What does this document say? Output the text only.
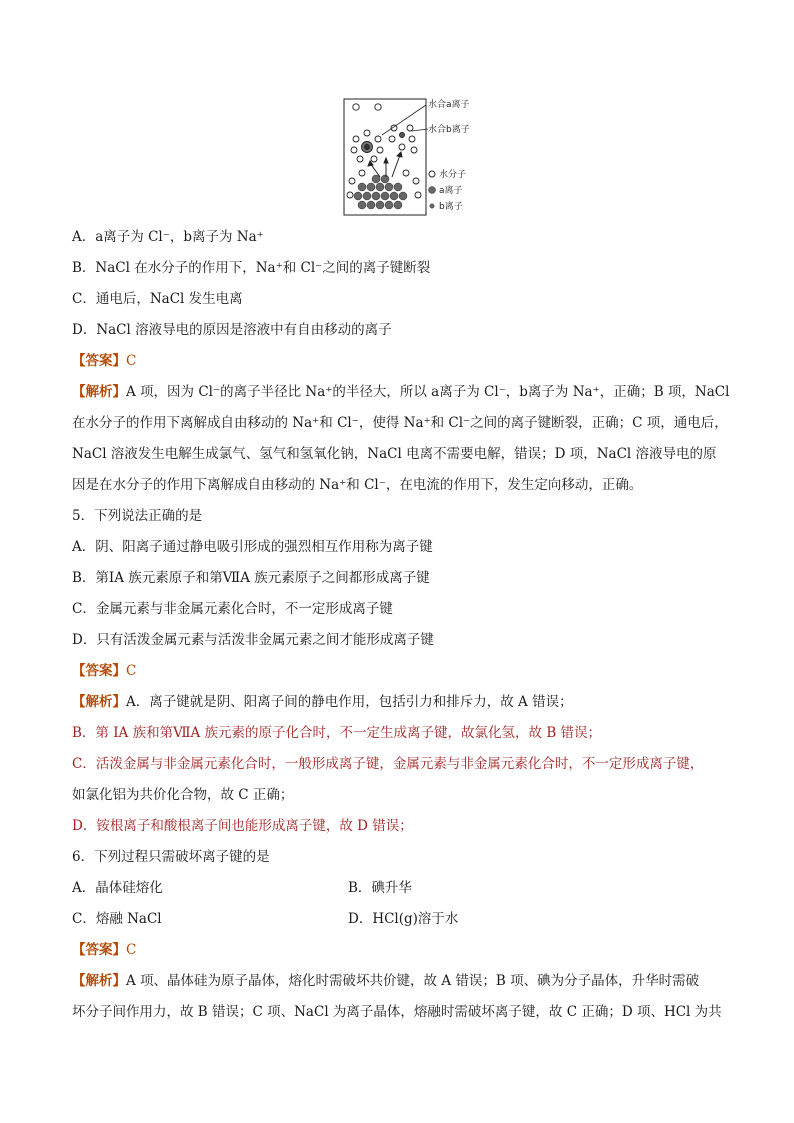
水合a离子
水合b离子
水分子
a离子
b离子
A．a离子为 Cl⁻，b离子为 Na⁺
B．NaCl 在水分子的作用下，Na⁺和 Cl⁻之间的离子键断裂
C．通电后，NaCl 发生电离
D．NaCl 溶液导电的原因是溶液中有自由移动的离子
【答案】C
【解析】A 项，因为 Cl⁻的离子半径比 Na⁺的半径大，所以 a离子为 Cl⁻，b离子为 Na⁺，正确；B 项，NaCl
在水分子的作用下离解成自由移动的 Na⁺和 Cl⁻，使得 Na⁺和 Cl⁻之间的离子键断裂，正确；C 项，通电后，
NaCl 溶液发生电解生成氯气、氢气和氢氧化钠，NaCl 电离不需要电解，错误；D 项，NaCl 溶液导电的原
因是在水分子的作用下离解成自由移动的 Na⁺和 Cl⁻，在电流的作用下，发生定向移动，正确。
5．下列说法正确的是
A．阴、阳离子通过静电吸引形成的强烈相互作用称为离子键
B．第ⅠA 族元素原子和第ⅦA 族元素原子之间都形成离子键
C．金属元素与非金属元素化合时，不一定形成离子键
D．只有活泼金属元素与活泼非金属元素之间才能形成离子键
【答案】C
【解析】A．离子键就是阴、阳离子间的静电作用，包括引力和排斥力，故 A 错误；
B．第 IA 族和第ⅦA 族元素的原子化合时，不一定生成离子键，故氯化氢，故 B 错误；
C．活泼金属与非金属元素化合时，一般形成离子键，金属元素与非金属元素化合时，不一定形成离子键，
如氯化铝为共价化合物，故 C 正确；
D．铵根离子和酸根离子间也能形成离子键，故 D 错误；
6．下列过程只需破坏离子键的是
A．晶体硅熔化	B．碘升华
C．熔融 NaCl	D．HCl(g)溶于水
【答案】C
【解析】A 项、晶体硅为原子晶体，熔化时需破坏共价键，故 A 错误；B 项、碘为分子晶体，升华时需破
坏分子间作用力，故 B 错误；C 项、NaCl 为离子晶体，熔融时需破坏离子键，故 C 正确；D 项、HCl 为共
